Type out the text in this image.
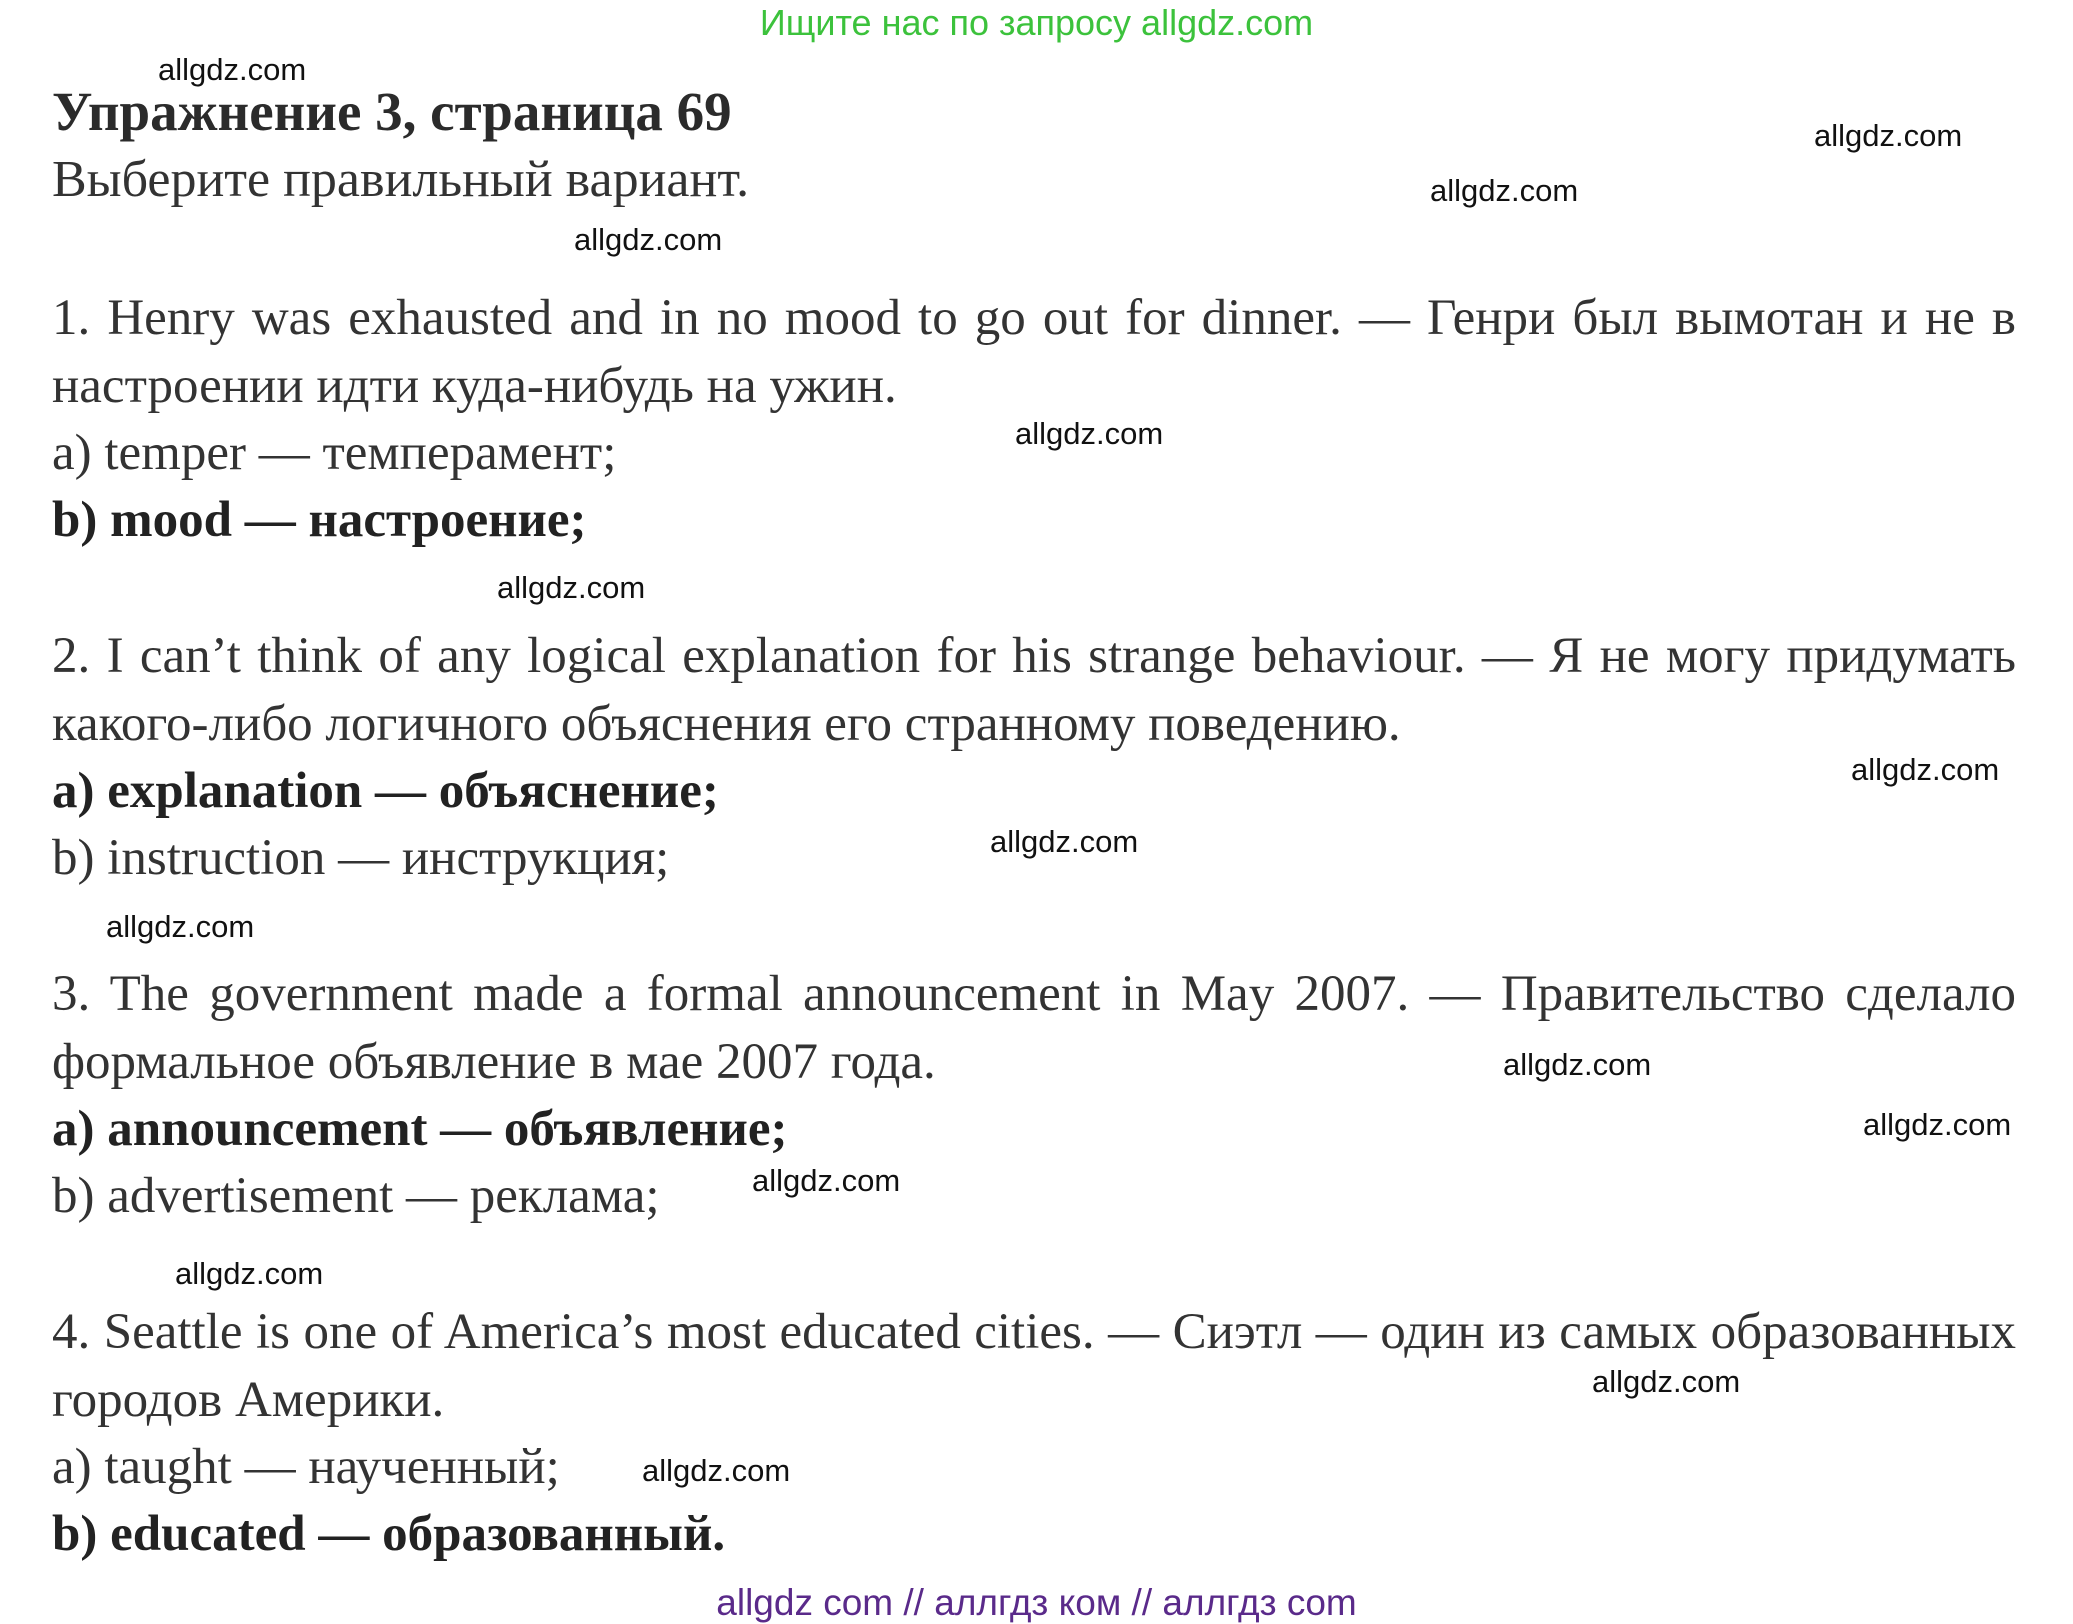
Ищите нас по запросу allgdz.com
Упражнение 3, страница 69
Выберите правильный вариант.
1. Henry was exhausted and in no mood to go out for dinner. — Генри был вымотан и не в настроении идти куда-нибудь на ужин.
a) temper — темперамент;
b) mood — настроение;
2. I can’t think of any logical explanation for his strange behaviour. — Я не могу придумать какого-либо логичного объяснения его странному поведению.
a) explanation — объяснение;
b) instruction — инструкция;
3. The government made a formal announcement in May 2007. — Правительство сделало формальное объявление в мае 2007 года.
a) announcement — объявление;
b) advertisement — реклама;
4. Seattle is one of America’s most educated cities. — Сиэтл — один из самых образованных городов Америки.
a) taught — наученный;
b) educated — образованный.
allgdz.com
allgdz.com
allgdz.com
allgdz.com
allgdz.com
allgdz.com
allgdz.com
allgdz.com
allgdz.com
allgdz.com
allgdz.com
allgdz.com
allgdz.com
allgdz.com
allgdz.com
allgdz com // аллгдз ком // аллгдз com
